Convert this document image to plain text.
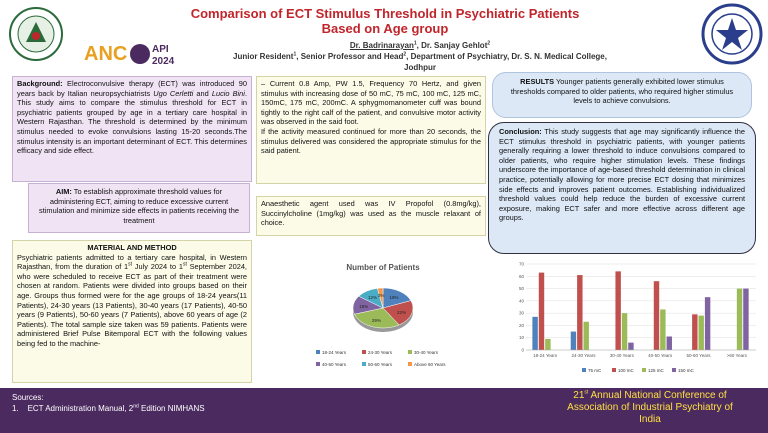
ANC API
2024
Comparison of ECT Stimulus Threshold in Psychiatric Patients
Based on Age group
Dr. Badrinarayan$^1$, Dr. Sanjay Gehlot$^2$
Junior Resident$^1$, Senior Professor and Head$^2$, Department of Psychiatry, Dr. S. N. Medical College, Jodhpur
Background: Electroconvulsive therapy (ECT) was introduced 90 years back by Italian neuropsychiatrists Ugo Cerletti and Lucio Bini. This study aims to compare the stimulus threshold for ECT in psychiatric patients grouped by age in a tertiary care hospital in Western Rajasthan. The threshold is determined by the minimum stimulus needed to evoke convulsions lasting 15-20 seconds.The stimulus intensity is an important determinant of ECT. This determines efficacy and side effect.
AIM: To establish approximate threshold values for administering ECT, aiming to reduce excessive current stimulation and minimize side effects in patients receiving the treatment
MATERIAL AND METHOD
Psychiatric patients admitted to a tertiary care hospital, in Western Rajasthan, from the duration of 1st July 2024 to 1st September 2024, who were scheduled to receive ECT as part of their treatment were chosen at random. Patients were divided into groups based on their age. Groups thus formed were for the age groups of 18-24 years(11 Patients), 24-30 years (13 Patients), 30-40 years (17 Patients), 40-50 years (9 Patients), 50-60 years (7 Patients), above 60 years of age (2 Patients). The total sample size taken was 59 patients. Patients were administered Brief Pulse Bitemporal ECT with the following values being fed to the machine-
– Current 0.8 Amp, PW 1.5, Frequency 70 Hertz, and given stimulus with increasing dose of 50 mC, 75 mC, 100 mC, 125 mC, 150mC, 175 mC, 200mC. A sphygmomanometer cuff was bound tightly to the right calf of the patient, and convulsive motor activity was observed in the said foot.
If the activity measured continued for more than 20 seconds, the stimulus delivered was considered the appropriate stimulus for the said patient.
Anaesthetic agent used was IV Propofol (0.8mg/kg), Succinylcholine (1mg/kg) was used as the muscle relaxant of choice.
RESULTS Younger patients generally exhibited lower stimulus thresholds compared to older patients, who required higher stimulus levels to achieve convulsions.
Conclusion: This study suggests that age may significantly influence the ECT stimulus threshold in psychiatric patients, with younger patients generally requiring a lower threshold to induce convulsions compared to older patients, who require higher stimulation levels. These findings underscore the importance of age-based threshold determination in clinical practice, potentially allowing for more precise ECT dosing that minimizes side effects and improves patient outcomes. Establishing individualized threshold values could help reduce the burden of excessive current exposure, making ECT safer and more effective across different age groups.
Number of Patients
19%
22%
29%
15%
12% 3%
18-24 Years	24-30 Years	30-40 Years
40-50 Years	50-60 Years	Above 60 Years
0
10
20
30
40
50
60
70
18-24 Years	24-30 Years	30-40 Years	40-50 Years	50-60 Years	>60 Years
75 mC	100 mC	125 mC	150 mC
Sources:
1. ECT Administration Manual, 2nd Edition NIMHANS
21st Annual National Conference of
Association of Industrial Psychiatry of
India
